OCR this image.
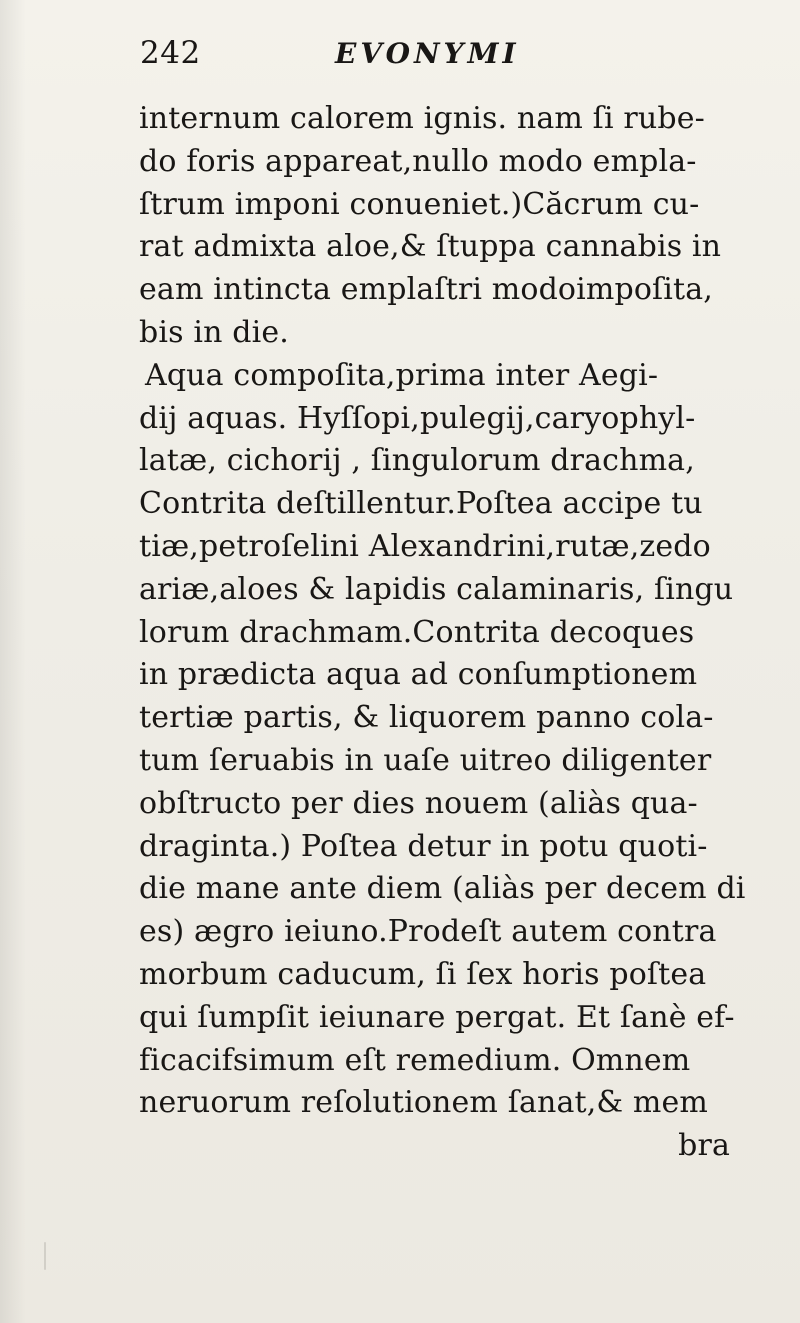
242	EVONYMI
internum calorem ignis. nam ſi rube-
do foris appareat,nullo modo empla-
ſtrum imponi conueniet.)Căcrum cu-
rat admixta aloe,& ſtuppa cannabis in
eam intincta emplaſtri modoimpoſita,
bis in die.
Aqua compoſita,prima inter Aegi-
dij aquas. Hyſſopi,pulegij,caryophyl-
latæ, cichorij , ſingulorum drachma,
Contrita deſtillentur.Poſtea accipe tu
tiæ,petroſelini Alexandrini,rutæ,zedo
ariæ,aloes & lapidis calaminaris, ſingu
lorum drachmam.Contrita decoques
in prædicta aqua ad conſumptionem
tertiæ partis, & liquorem panno cola-
tum ſeruabis in uaſe uitreo diligenter
obſtructo per dies nouem (aliàs qua-
draginta.) Poſtea detur in potu quoti-
die mane ante diem (aliàs per decem di
es) ægro ieiuno.Prodeſt autem contra
morbum caducum, ſi ſex horis poſtea
qui ſumpſit ieiunare pergat. Et ſanè ef-
ficacifsimum eſt remedium. Omnem
neruorum reſolutionem ſanat,& mem
bra
